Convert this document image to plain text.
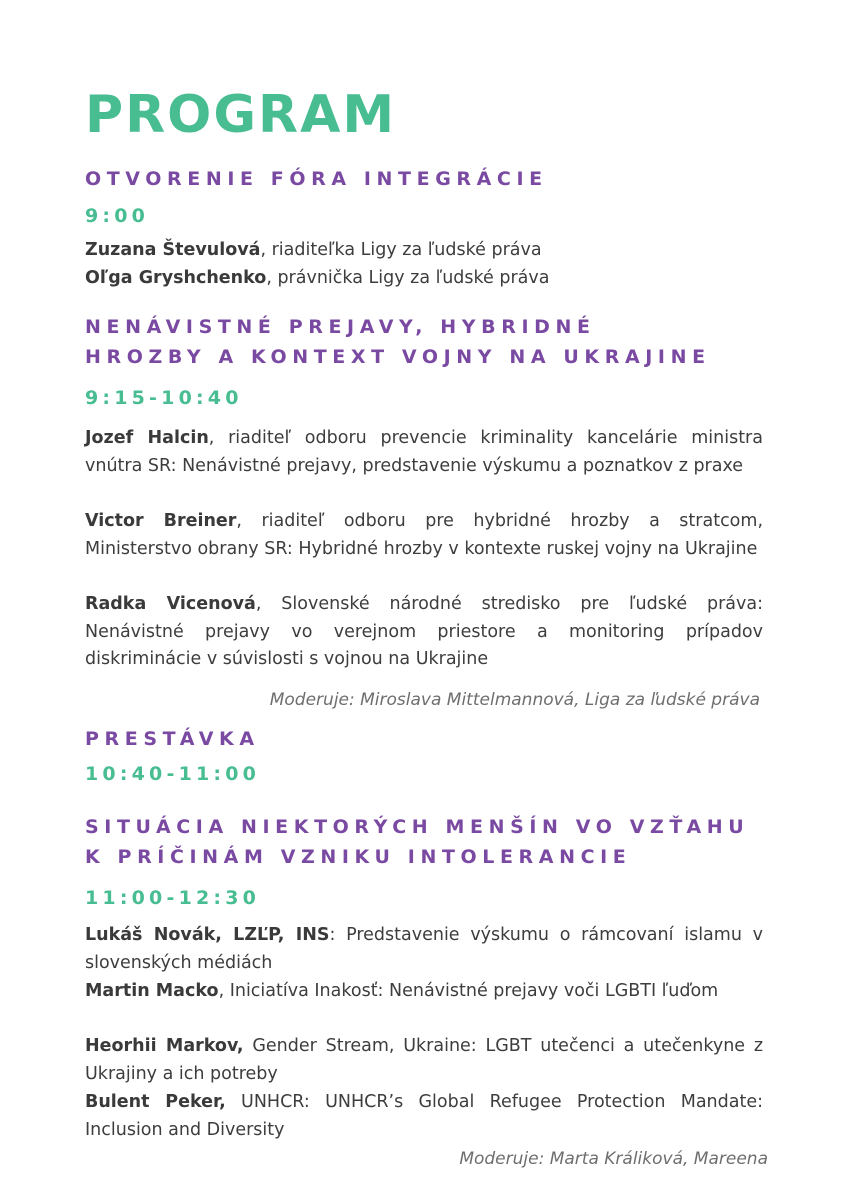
PROGRAM
OTVORENIE FÓRA INTEGRÁCIE
9:00
Zuzana Števulová, riaditeľka Ligy za ľudské práva
Oľga Gryshchenko, právnička Ligy za ľudské práva
NENÁVISTNÉ PREJAVY, HYBRIDNÉ
HROZBY A KONTEXT VOJNY NA UKRAJINE
9:15-10:40
Jozef Halcin, riaditeľ odboru prevencie kriminality kancelárie ministra vnútra SR: Nenávistné prejavy, predstavenie výskumu a poznatkov z praxe
Victor Breiner, riaditeľ odboru pre hybridné hrozby a stratcom, Ministerstvo obrany SR: Hybridné hrozby v kontexte ruskej vojny na Ukrajine
Radka Vicenová, Slovenské národné stredisko pre ľudské práva: Nenávistné prejavy vo verejnom priestore a monitoring prípadov diskriminácie v súvislosti s vojnou na Ukrajine
Moderuje: Miroslava Mittelmannová, Liga za ľudské práva
PRESTÁVKA
10:40-11:00
SITUÁCIA NIEKTORÝCH MENŠÍN VO VZŤAHU
K PRÍČINÁM VZNIKU INTOLERANCIE
11:00-12:30
Lukáš Novák, LZĽP, INS: Predstavenie výskumu o rámcovaní islamu v slovenských médiách
Martin Macko, Iniciatíva Inakosť: Nenávistné prejavy voči LGBTI ľuďom
Heorhii Markov, Gender Stream, Ukraine: LGBT utečenci a utečenkyne z Ukrajiny a ich potreby
Bulent Peker, UNHCR: UNHCR’s Global Refugee Protection Mandate: Inclusion and Diversity
Moderuje: Marta Králiková, Mareena
